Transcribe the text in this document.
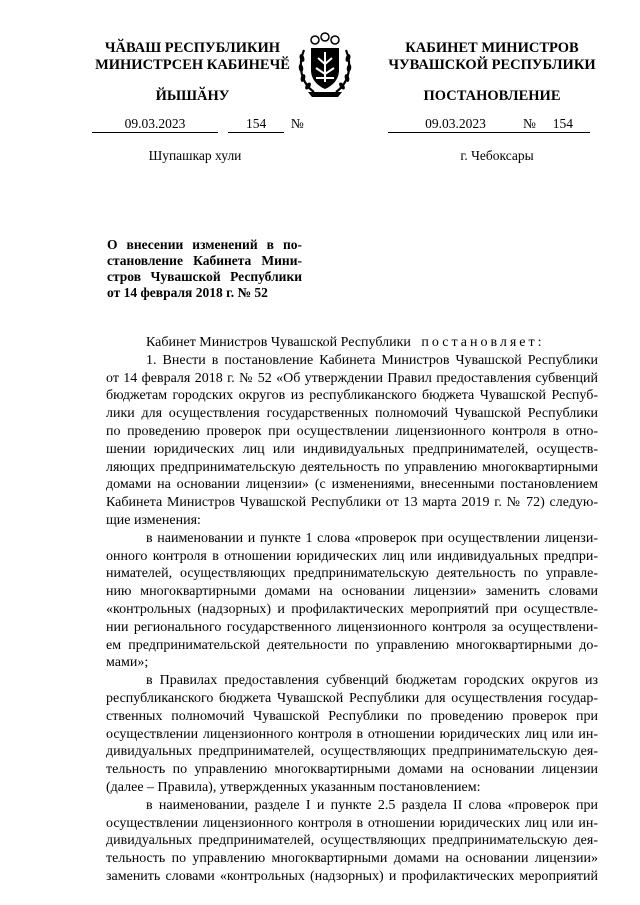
ЧӐВАШ РЕСПУБЛИКИН
МИНИСТРСЕН КАБИНЕЧӖ
КАБИНЕТ МИНИСТРОВ
ЧУВАШСКОЙ РЕСПУБЛИКИ
ЙЫШӐНУ	ПОСТАНОВЛЕНИЕ
09.03.2023	154 №	09.03.2023	№ 154
Шупашкар хули	г. Чебоксары
О внесении изменений в по-
становление Кабинета Мини-
стров Чувашской Республики
от 14 февраля 2018 г. № 52
Кабинет Министров Чувашской Республики постановляет:
1. Внести в постановление Кабинета Министров Чувашской Республики
от 14 февраля 2018 г. № 52 «Об утверждении Правил предоставления субвенций
бюджетам городских округов из республиканского бюджета Чувашской Респуб-
лики для осуществления государственных полномочий Чувашской Республики
по проведению проверок при осуществлении лицензионного контроля в отно-
шении юридических лиц или индивидуальных предпринимателей, осуществ-
ляющих предпринимательскую деятельность по управлению многоквартирными
домами на основании лицензии» (с изменениями, внесенными постановлением
Кабинета Министров Чувашской Республики от 13 марта 2019 г. № 72) следую-
щие изменения:
в наименовании и пункте 1 слова «проверок при осуществлении лицензи-
онного контроля в отношении юридических лиц или индивидуальных предпри-
нимателей, осуществляющих предпринимательскую деятельность по управле-
нию многоквартирными домами на основании лицензии» заменить словами
«контрольных (надзорных) и профилактических мероприятий при осуществле-
нии регионального государственного лицензионного контроля за осуществлени-
ем предпринимательской деятельности по управлению многоквартирными до-
мами»;
в Правилах предоставления субвенций бюджетам городских округов из
республиканского бюджета Чувашской Республики для осуществления государ-
ственных полномочий Чувашской Республики по проведению проверок при
осуществлении лицензионного контроля в отношении юридических лиц или ин-
дивидуальных предпринимателей, осуществляющих предпринимательскую дея-
тельность по управлению многоквартирными домами на основании лицензии
(далее – Правила), утвержденных указанным постановлением:
в наименовании, разделе I и пункте 2.5 раздела II слова «проверок при
осуществлении лицензионного контроля в отношении юридических лиц или ин-
дивидуальных предпринимателей, осуществляющих предпринимательскую дея-
тельность по управлению многоквартирными домами на основании лицензии»
заменить словами «контрольных (надзорных) и профилактических мероприятий
